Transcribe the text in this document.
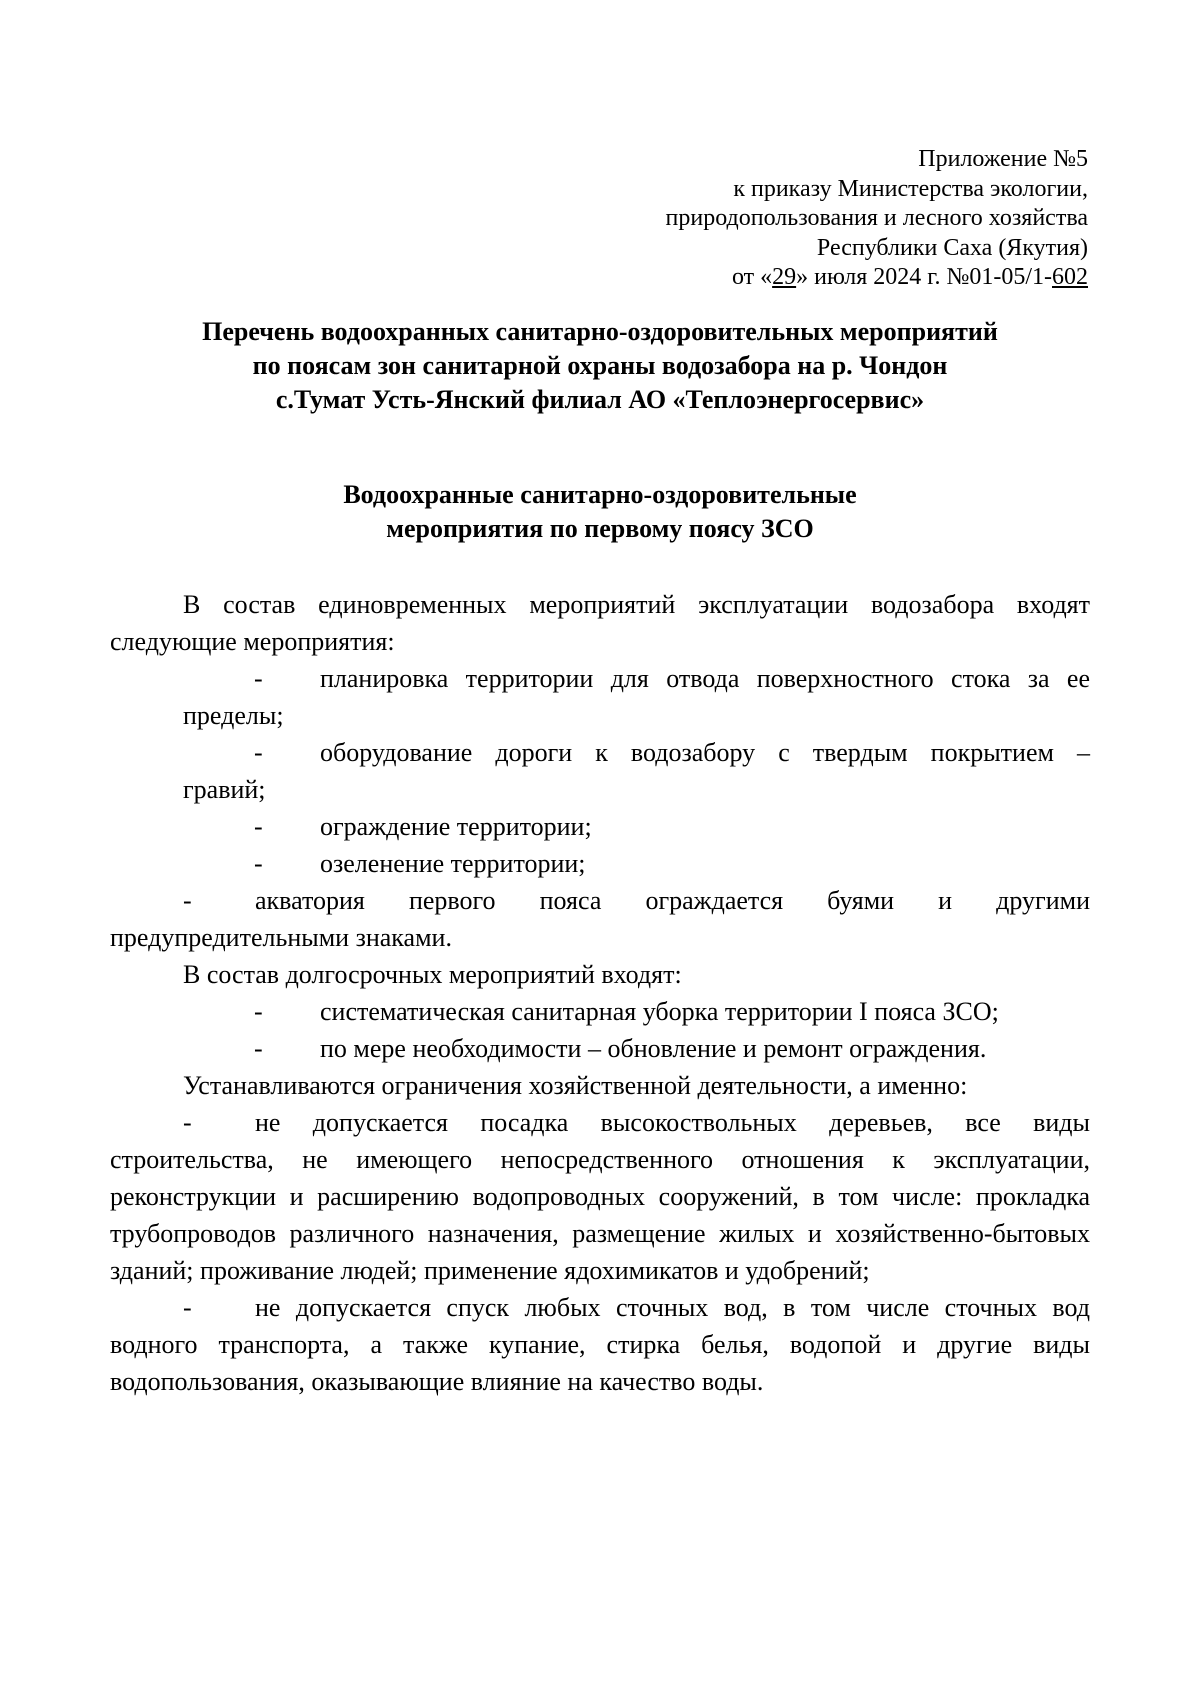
Приложение №5
к приказу Министерства экологии,
природопользования и лесного хозяйства
Республики Саха (Якутия)
от «29» июля 2024 г. №01-05/1-602
Перечень водоохранных санитарно-оздоровительных мероприятий
по поясам зон санитарной охраны водозабора на р. Чондон
с.Тумат Усть-Янский филиал АО «Теплоэнергосервис»
Водоохранные санитарно-оздоровительные
мероприятия по первому поясу ЗСО

В состав единовременных мероприятий эксплуатации водозабора входят следующие мероприятия:

-	планировка территории для отвода поверхностного стока за ее

пределы;

-	оборудование дороги к водозабору с твердым покрытием –

гравий;

-	ограждение территории;
-	озеленение территории;

- акватория первого пояса ограждается буями и другими

предупредительными знаками.

В состав долгосрочных мероприятий входят:

-	систематическая санитарная уборка территории I пояса ЗСО;
-	по мере необходимости – обновление и ремонт ограждения.

Устанавливаются ограничения хозяйственной деятельности, а именно:

- не допускается посадка высокоствольных деревьев, все виды строительства, не имеющего непосредственного отношения к эксплуатации, реконструкции и расширению водопроводных сооружений, в том числе: прокладка трубопроводов различного назначения, размещение жилых и хозяйственно-бытовых зданий; проживание людей; применение ядохимикатов и удобрений;

- не допускается спуск любых сточных вод, в том числе сточных вод водного транспорта, а также купание, стирка белья, водопой и другие виды водопользования, оказывающие влияние на качество воды.
